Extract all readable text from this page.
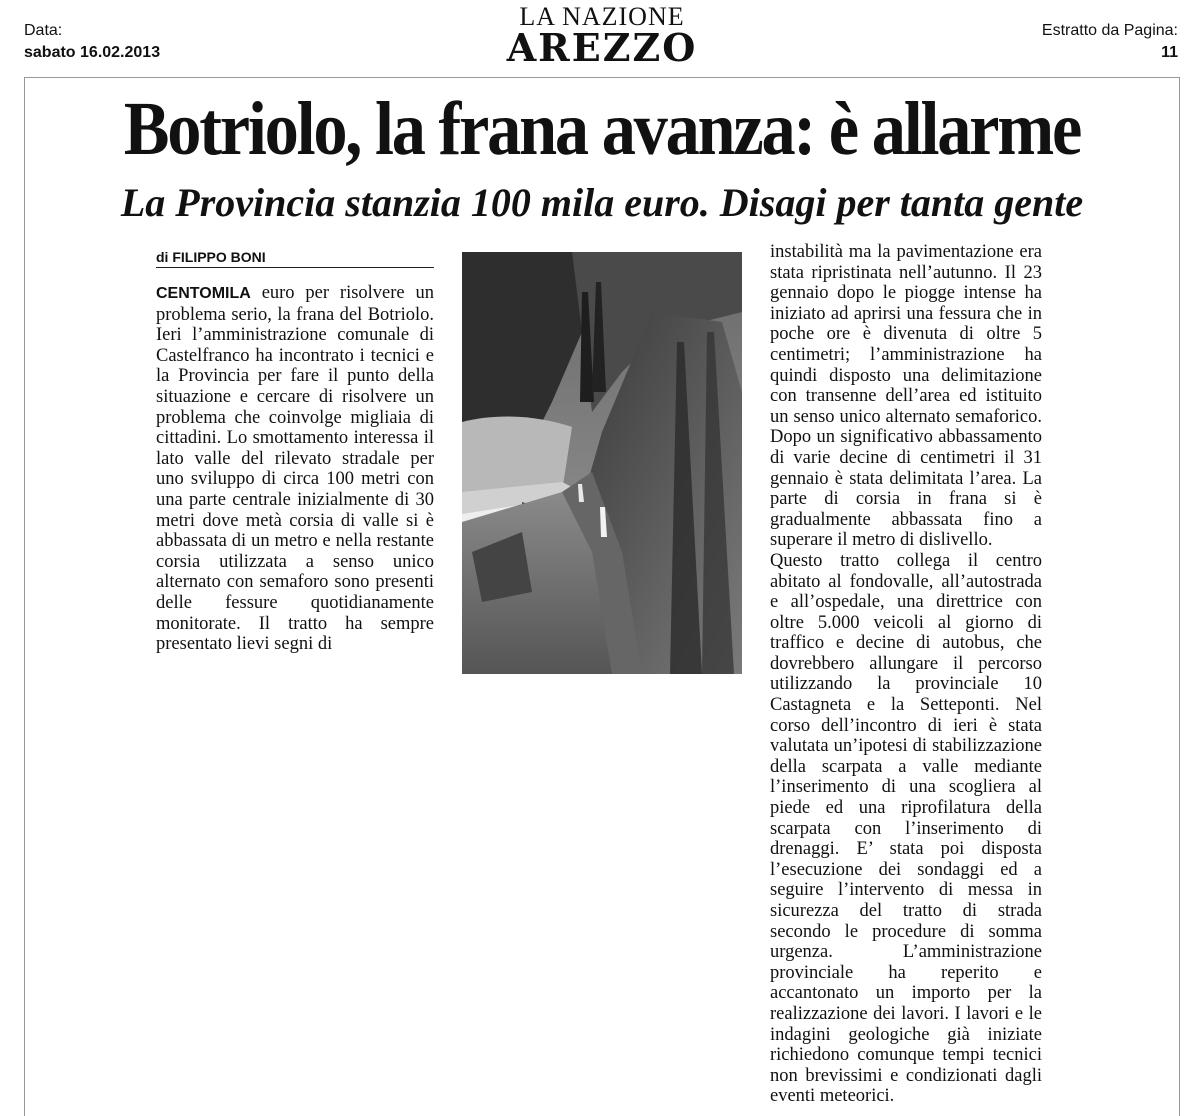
Data:
sabato 16.02.2013
LA NAZIONE
AREZZO	Estratto da Pagina:
11
Botriolo, la frana avanza: è allarme
La Provincia stanzia 100 mila euro. Disagi per tanta gente
di FILIPPO BONI

CENTOMILA euro per risolvere un problema serio, la frana del Botriolo. Ieri l’amministrazione comunale di Castelfranco ha incontrato i tecnici e la Provincia per fare il punto della situazione e cercare di risolvere un problema che coinvolge migliaia di cittadini. Lo smottamento interessa il lato valle del rilevato stradale per uno sviluppo di circa 100 metri con una parte centrale inizialmente di 30 metri dove metà corsia di valle si è abbassata di un metro e nella restante corsia utilizzata a senso unico alternato con semaforo sono presenti delle fessure quotidianamente monitorate. Il tratto ha sempre presentato lievi segni di

instabilità ma la pavimentazione era stata ripristinata nell’autunno. Il 23 gennaio dopo le piogge intense ha iniziato ad aprirsi una fessura che in poche ore è divenuta di oltre 5 centimetri; l’amministrazione ha quindi disposto una delimitazione con transenne dell’area ed istituito un senso unico alternato semaforico. Dopo un significativo abbassamento di varie decine di centimetri il 31 gennaio è stata delimitata l’area. La parte di corsia in frana si è gradualmente abbassata fino a superare il metro di dislivello.

Questo tratto collega il centro abitato al fondovalle, all’autostrada e all’ospedale, una direttrice con oltre 5.000 veicoli al giorno di traffico e decine di autobus, che dovrebbero allungare il percorso utilizzando la provinciale 10 Castagneta e la Setteponti. Nel corso dell’incontro di ieri è stata valutata un’ipotesi di stabilizzazione della scarpata a valle mediante l’inserimento di una scogliera al piede ed una riprofilatura della scarpata con l’inserimento di drenaggi. E’ stata poi disposta l’esecuzione dei sondaggi ed a seguire l’intervento di messa in sicurezza del tratto di strada secondo le procedure di somma urgenza. L’amministrazione provinciale ha reperito e accantonato un importo per la realizzazione dei lavori. I lavori e le indagini geologiche già iniziate richiedono comunque tempi tecnici non brevissimi e condizionati dagli eventi meteorici.
